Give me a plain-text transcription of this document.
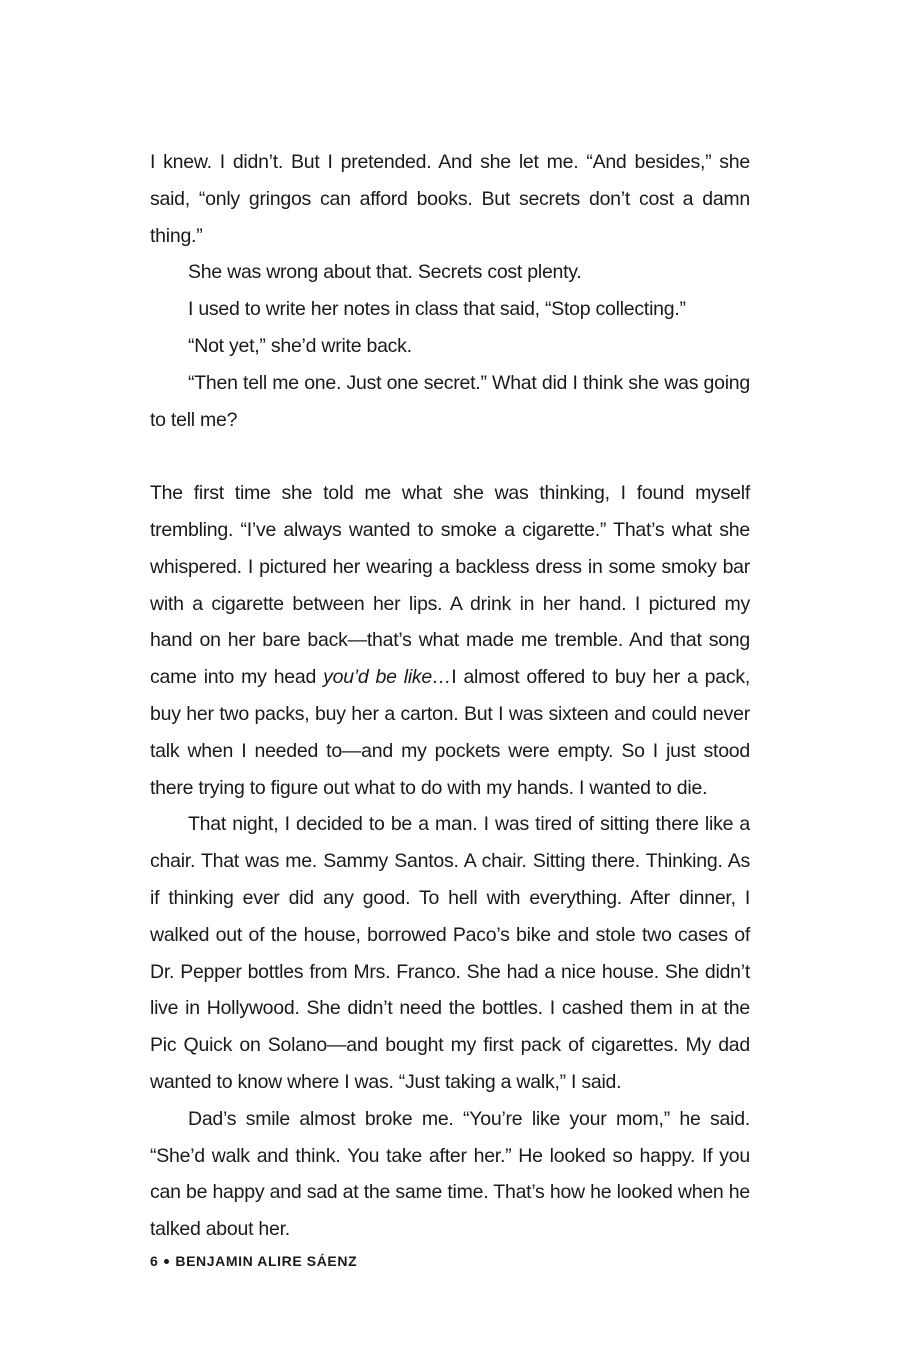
I knew. I didn’t. But I pretended. And she let me. “And besides,” she said, “only gringos can afford books. But secrets don’t cost a damn thing.”

She was wrong about that. Secrets cost plenty.

I used to write her notes in class that said, “Stop collecting.”

“Not yet,” she’d write back.

“Then tell me one. Just one secret.” What did I think she was going to tell me?

The first time she told me what she was thinking, I found myself trembling. “I’ve always wanted to smoke a cigarette.” That’s what she whispered. I pictured her wearing a backless dress in some smoky bar with a cigarette between her lips. A drink in her hand. I pictured my hand on her bare back—that’s what made me tremble. And that song came into my head you’d be like…I almost offered to buy her a pack, buy her two packs, buy her a carton. But I was sixteen and could never talk when I needed to—and my pockets were empty. So I just stood there trying to figure out what to do with my hands. I wanted to die.

That night, I decided to be a man. I was tired of sitting there like a chair. That was me. Sammy Santos. A chair. Sitting there. Thinking. As if thinking ever did any good. To hell with everything. After dinner, I walked out of the house, borrowed Paco’s bike and stole two cases of Dr. Pepper bottles from Mrs. Franco. She had a nice house. She didn’t live in Hollywood. She didn’t need the bottles. I cashed them in at the Pic Quick on Solano—and bought my first pack of cigarettes. My dad wanted to know where I was. “Just taking a walk,” I said.

Dad’s smile almost broke me. “You’re like your mom,” he said. “She’d walk and think. You take after her.” He looked so happy. If you can be happy and sad at the same time. That’s how he looked when he talked about her.

6 BENJAMIN ALIRE SÁENZ
